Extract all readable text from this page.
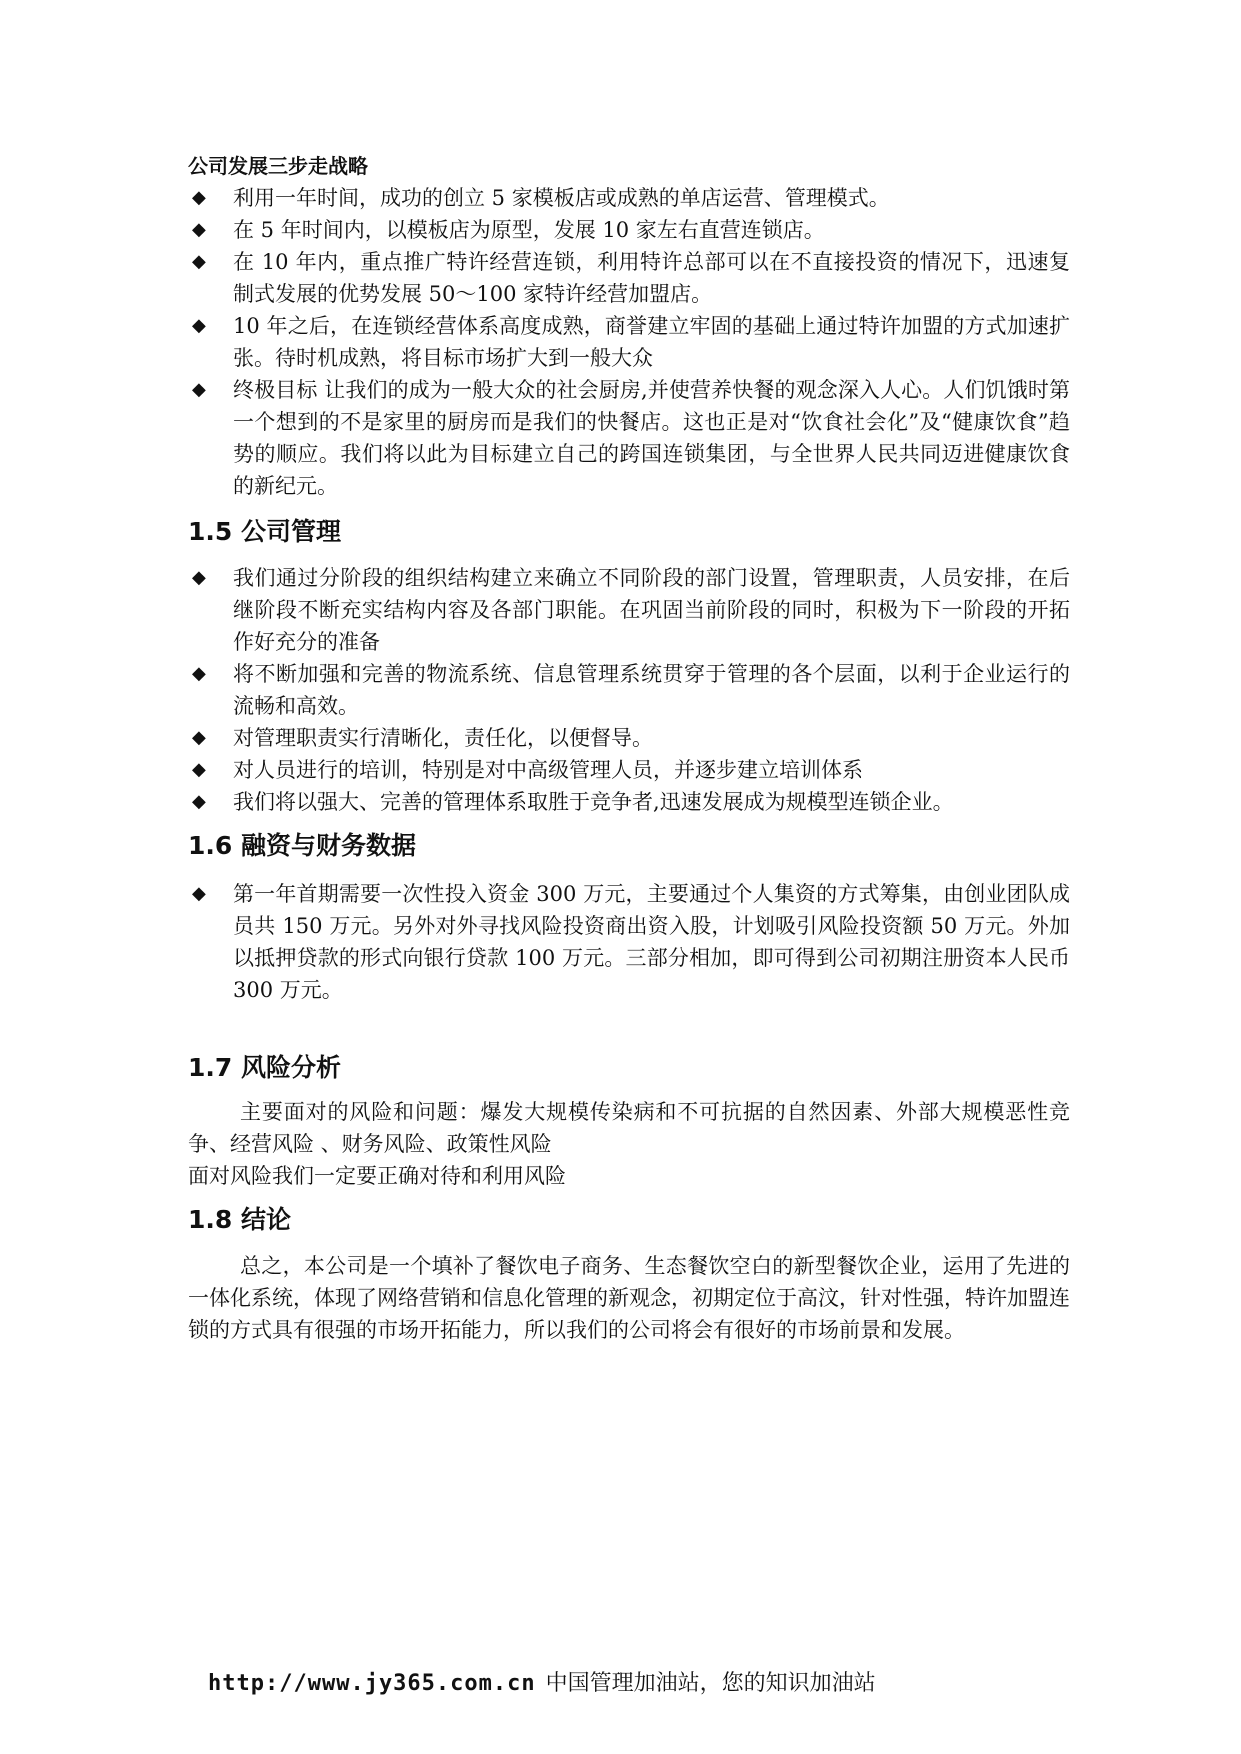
公司发展三步走战略
◆ 利用一年时间，成功的创立 5 家模板店或成熟的单店运营、管理模式。
◆ 在 5 年时间内，以模板店为原型，发展 10 家左右直营连锁店。
◆ 在 10 年内，重点推广特许经营连锁，利用特许总部可以在不直接投资的情况下，迅速复制式发展的优势发展 50～100 家特许经营加盟店。
◆ 10 年之后，在连锁经营体系高度成熟，商誉建立牢固的基础上通过特许加盟的方式加速扩张。待时机成熟，将目标市场扩大到一般大众
◆ 终极目标 让我们的成为一般大众的社会厨房,并使营养快餐的观念深入人心。人们饥饿时第一个想到的不是家里的厨房而是我们的快餐店。这也正是对“饮食社会化”及“健康饮食”趋势的顺应。我们将以此为目标建立自己的跨国连锁集团，与全世界人民共同迈进健康饮食的新纪元。
1.5 公司管理
◆ 我们通过分阶段的组织结构建立来确立不同阶段的部门设置，管理职责，人员安排，在后继阶段不断充实结构内容及各部门职能。在巩固当前阶段的同时，积极为下一阶段的开拓作好充分的准备
◆ 将不断加强和完善的物流系统、信息管理系统贯穿于管理的各个层面，以利于企业运行的流畅和高效。
◆ 对管理职责实行清晰化，责任化，以便督导。
◆ 对人员进行的培训，特别是对中高级管理人员，并逐步建立培训体系
◆ 我们将以强大、完善的管理体系取胜于竞争者,迅速发展成为规模型连锁企业。
1.6 融资与财务数据
◆ 第一年首期需要一次性投入资金 300 万元，主要通过个人集资的方式筹集，由创业团队成员共 150 万元。另外对外寻找风险投资商出资入股，计划吸引风险投资额 50 万元。外加以抵押贷款的形式向银行贷款 100 万元。三部分相加，即可得到公司初期注册资本人民币 300 万元。
1.7 风险分析

主要面对的风险和问题：爆发大规模传染病和不可抗据的自然因素、外部大规模恶性竞争、经营风险 、财务风险、政策性风险

面对风险我们一定要正确对待和利用风险

1.8 结论

总之，本公司是一个填补了餐饮电子商务、生态餐饮空白的新型餐饮企业，运用了先进的一体化系统，体现了网络营销和信息化管理的新观念，初期定位于高汶，针对性强，特许加盟连锁的方式具有很强的市场开拓能力，所以我们的公司将会有很好的市场前景和发展。

http://www.jy365.com.cn 中国管理加油站，您的知识加油站
